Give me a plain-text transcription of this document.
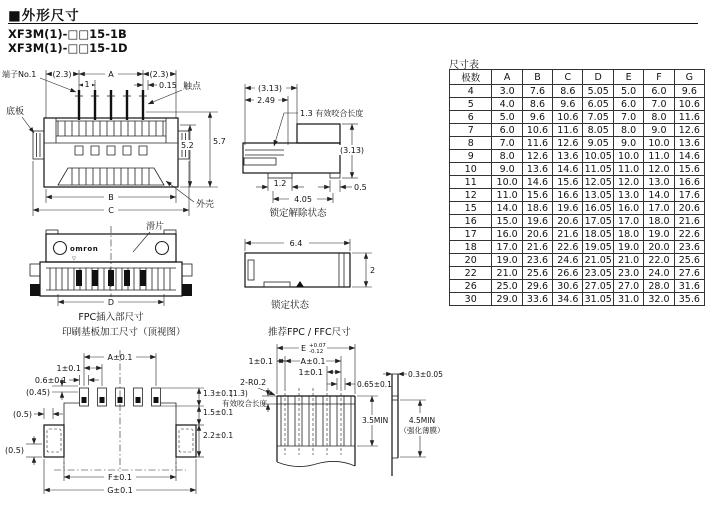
■外形尺寸
XF3M(1)-□□15-1B
XF3M(1)-□□15-1D
(2.3)	A	(2.3)
1	0.15
端子No.1
触点
底板
5.2 5.7
B
C
外壳
滑片
omron
▽
D
FPC插入部尺寸
(3.13)
2.49
1.3 有效咬合长度
(3.13)
1.2	0.5
4.05
锁定解除状态
6.4
2
锁定状态
印刷基板加工尺寸（顶视图）
A±0.1
1±0.1
0.6±0.1
(0.45)
(0.5)
(0.5)
1.3±0.1
1.5±0.1
2.2±0.1
F±0.1
G±0.1
推荐FPC / FFC尺寸
E +0.07
-0.12
1±0.1	A±0.1
1±0.1
0.65±0.1
2-R0.2
(1.3)
有效咬合长度
3.5MIN
0.3±0.05
4.5MIN
（强化薄膜）
尺寸表
极数	A	B	C	D	E	F	G
4	3.0	7.6	8.6	5.05	5.0	6.0	9.6
5	4.0	8.6	9.6	6.05	6.0	7.0	10.6
6	5.0	9.6	10.6	7.05	7.0	8.0	11.6
7	6.0	10.6	11.6	8.05	8.0	9.0	12.6
8	7.0	11.6	12.6	9.05	9.0	10.0	13.6
9	8.0	12.6	13.6	10.05	10.0	11.0	14.6
10	9.0	13.6	14.6	11.05	11.0	12.0	15.6
11	10.0	14.6	15.6	12.05	12.0	13.0	16.6
12	11.0	15.6	16.6	13.05	13.0	14.0	17.6
15	14.0	18.6	19.6	16.05	16.0	17.0	20.6
16	15.0	19.6	20.6	17.05	17.0	18.0	21.6
17	16.0	20.6	21.6	18.05	18.0	19.0	22.6
18	17.0	21.6	22.6	19.05	19.0	20.0	23.6
20	19.0	23.6	24.6	21.05	21.0	22.0	25.6
22	21.0	25.6	26.6	23.05	23.0	24.0	27.6
26	25.0	29.6	30.6	27.05	27.0	28.0	31.6
30	29.0	33.6	34.6	31.05	31.0	32.0	35.6
